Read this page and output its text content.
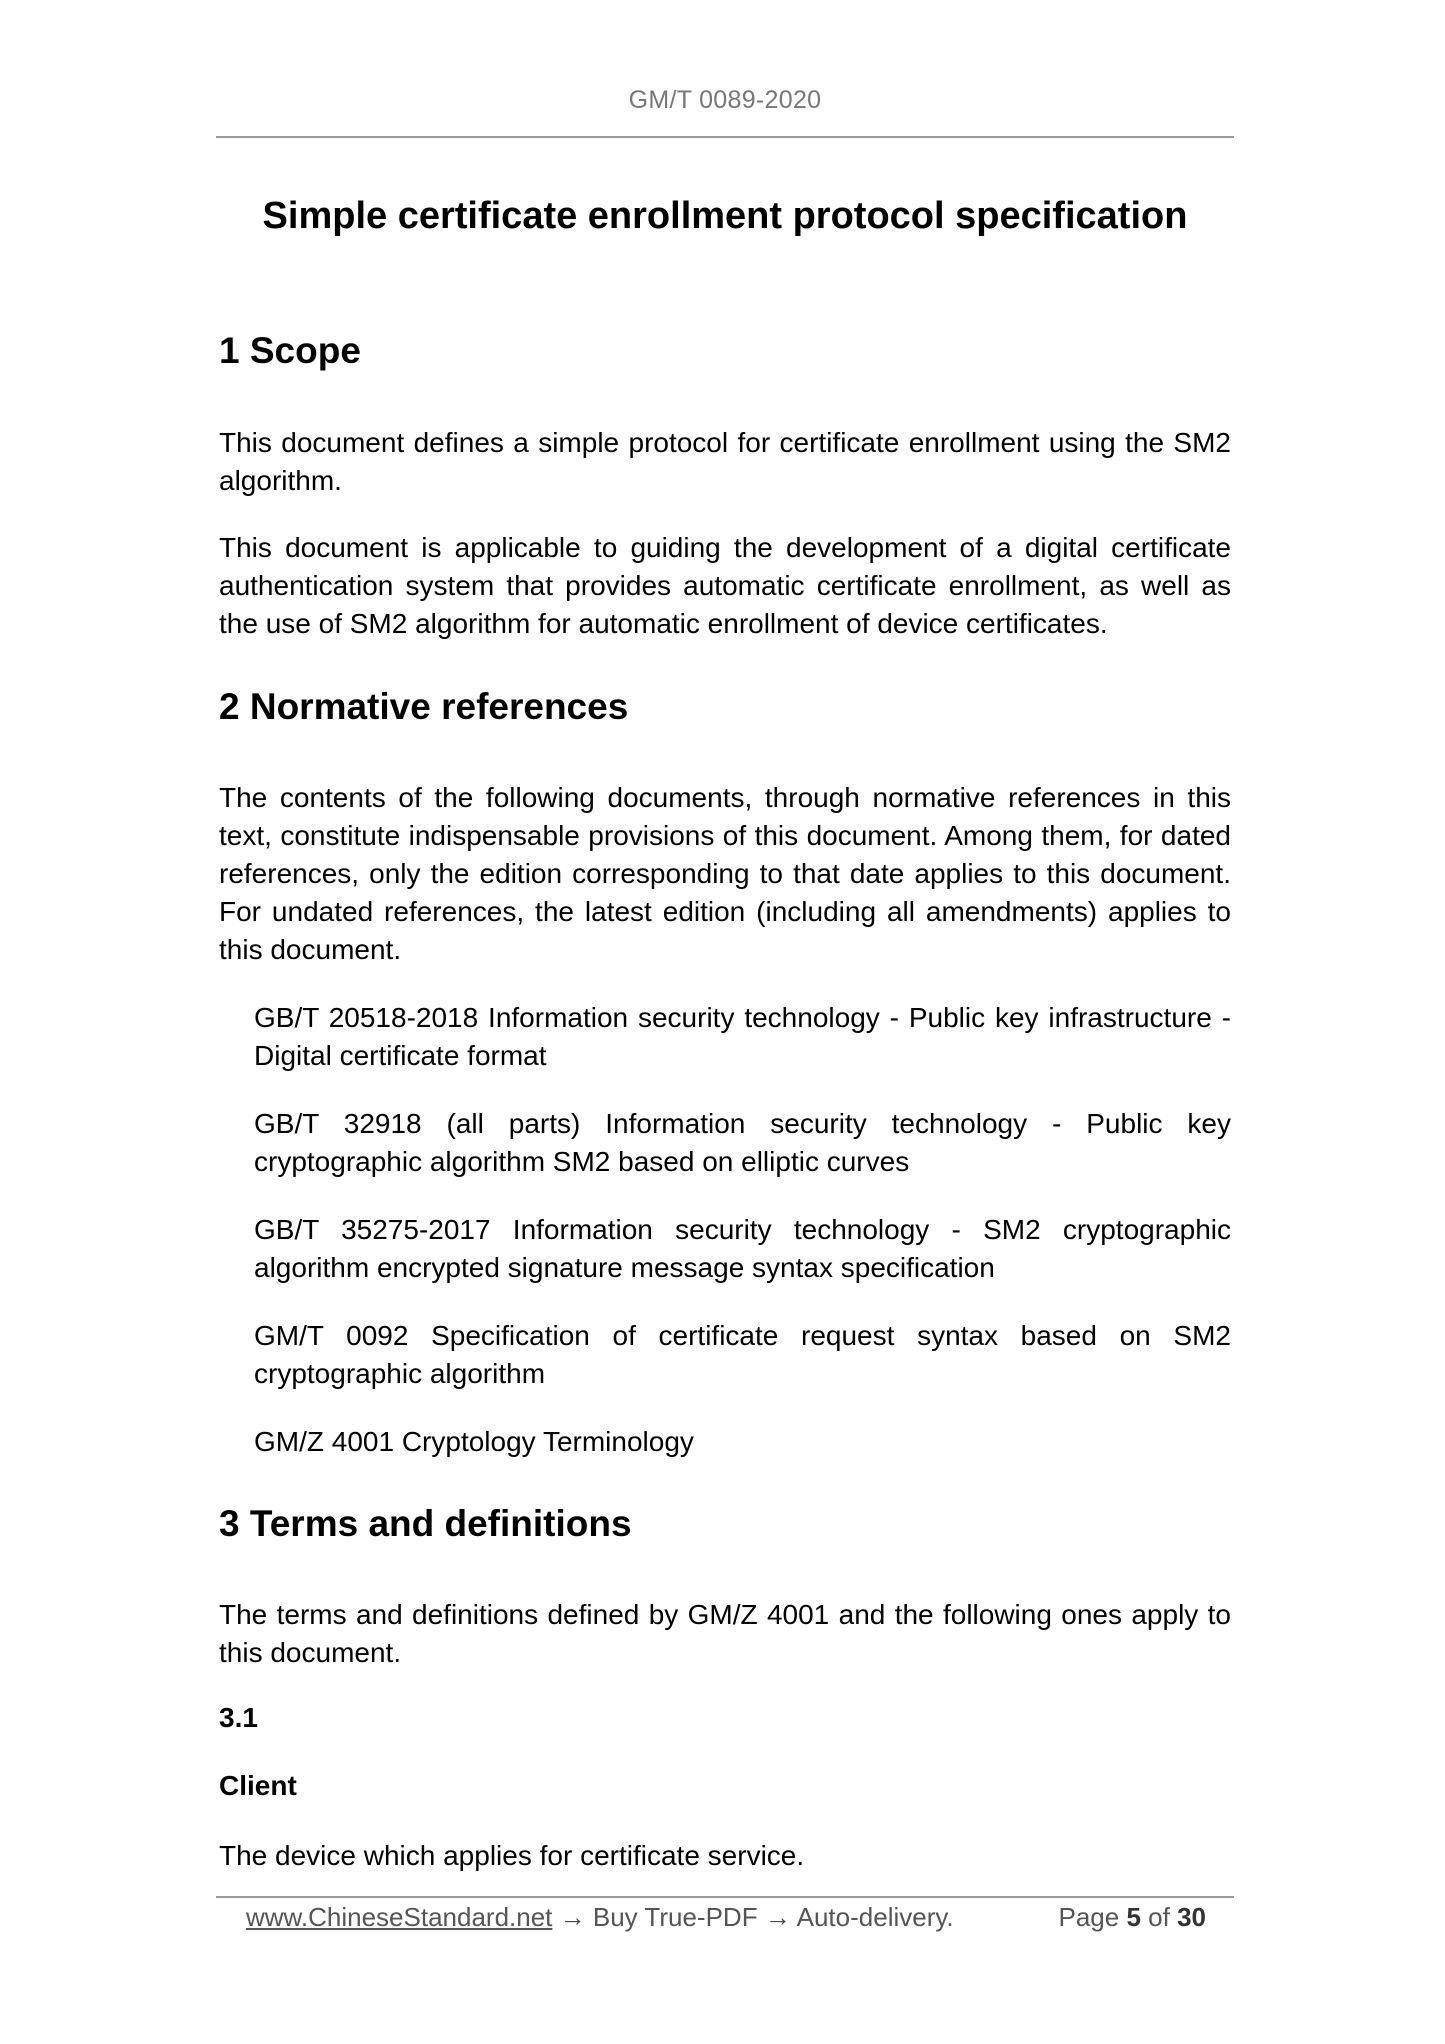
GM/T 0089-2020
Simple certificate enrollment protocol specification
1 Scope

This document defines a simple protocol for certificate enrollment using the SM2 algorithm.

This document is applicable to guiding the development of a digital certificate authentication system that provides automatic certificate enrollment, as well as the use of SM2 algorithm for automatic enrollment of device certificates.

2 Normative references

The contents of the following documents, through normative references in this text, constitute indispensable provisions of this document. Among them, for dated references, only the edition corresponding to that date applies to this document. For undated references, the latest edition (including all amendments) applies to this document.

GB/T 20518-2018 Information security technology - Public key infrastructure - Digital certificate format

GB/T 32918 (all parts) Information security technology - Public key cryptographic algorithm SM2 based on elliptic curves

GB/T 35275-2017 Information security technology - SM2 cryptographic algorithm encrypted signature message syntax specification

GM/T 0092 Specification of certificate request syntax based on SM2 cryptographic algorithm

GM/Z 4001 Cryptology Terminology

3 Terms and definitions

The terms and definitions defined by GM/Z 4001 and the following ones apply to this document.

3.1
Client

The device which applies for certificate service.

www.ChineseStandard.net → Buy True-PDF → Auto-delivery.	Page 5 of 30
